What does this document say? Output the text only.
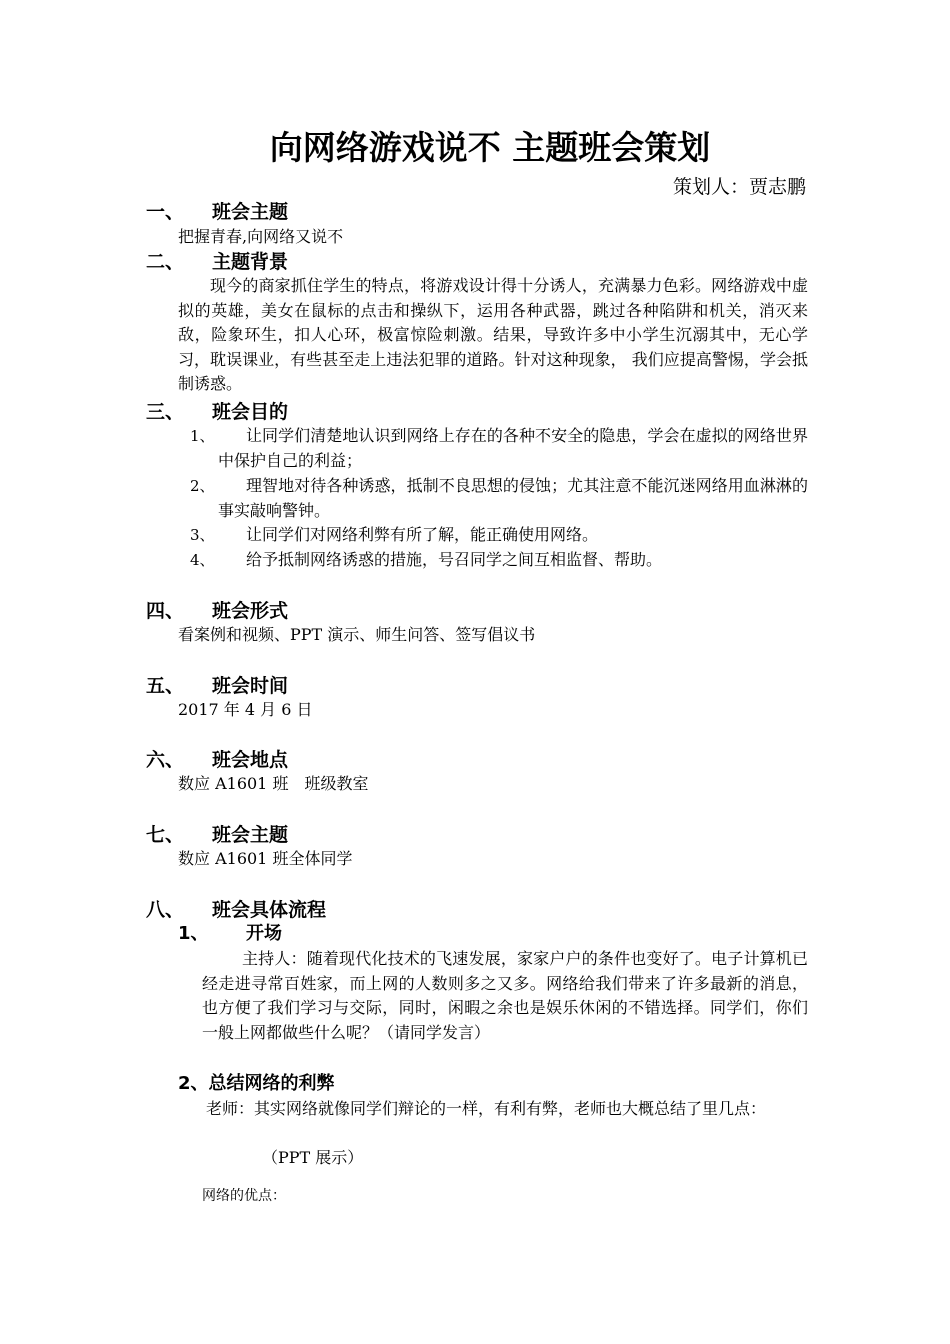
向网络游戏说不 主题班会策划
策划人：贾志鹏
一、 班会主题
把握青春,向网络又说不
二、 主题背景
现今的商家抓住学生的特点，将游戏设计得十分诱人，充满暴力色彩。网络游戏中虚拟的英雄，美女在鼠标的点击和操纵下，运用各种武器，跳过各种陷阱和机关，消灭来敌，险象环生，扣人心环，极富惊险刺激。结果，导致许多中小学生沉溺其中，无心学习，耽误课业，有些甚至走上违法犯罪的道路。针对这种现象， 我们应提高警惕，学会抵制诱惑。
三、 班会目的
1、	让同学们清楚地认识到网络上存在的各种不安全的隐患，学会在虚拟的网络世界中保护自己的利益；
2、	理智地对待各种诱惑，抵制不良思想的侵蚀；尤其注意不能沉迷网络用血淋淋的事实敲响警钟。
3、 让同学们对网络利弊有所了解，能正确使用网络。
4、 给予抵制网络诱惑的措施，号召同学之间互相监督、帮助。
四、 班会形式
看案例和视频、PPT 演示、师生问答、签写倡议书
五、 班会时间
2017 年 4 月 6 日
六、 班会地点
数应 A1601 班　班级教室
七、 班会主题
数应 A1601 班全体同学
八、 班会具体流程
1、 开场
主持人：随着现代化技术的飞速发展，家家户户的条件也变好了。电子计算机已经走进寻常百姓家，而上网的人数则多之又多。网络给我们带来了许多最新的消息，也方便了我们学习与交际，同时，闲暇之余也是娱乐休闲的不错选择。同学们，你们一般上网都做些什么呢？（请同学发言）
2、总结网络的利弊
老师：其实网络就像同学们辩论的一样，有利有弊，老师也大概总结了里几点：
（PPT 展示）
网络的优点：
